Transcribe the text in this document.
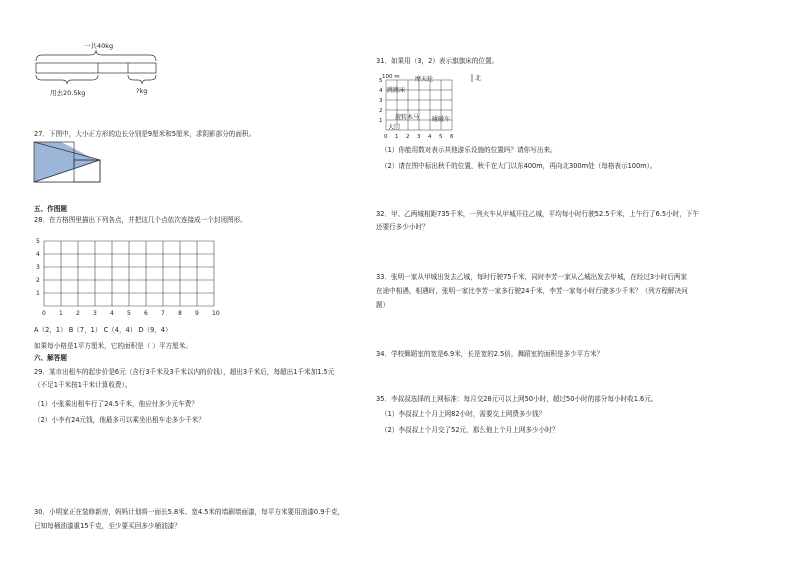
一共40kg
用去20.5kg	?kg
27．下图中，大小正方形的边长分别是9厘米和5厘米，求阴影部分的面积。
五、作图题
28．在方格图里描出下列各点，并把这几个点依次连接成一个封闭图形。
0 1 2 3 4 5 6 7 8 9 10
1
2
3
4
5
A（2，1） B（7，1） C（4，4） D（9，4）
如果每小格是1平方厘米，它的面积是（ ）平方厘米。
六、解答题
29．某市出租车的起步价是6元（含行3千米及3千米以内的价钱），超出3千米后，每超出1千米加1.5元
（不足1千米按1千米计算收费）。
（1）小张乘出租车行了24.5千米，他应付多少元车费？
（2）小李有24元钱，他最多可以乘坐出租车走多少千米？
30．小明家正在装修新房，妈妈计划将一面长5.8米、宽4.5米的墙刷墙面漆，每平方米要用油漆0.9千克，
已知每桶油漆重15千克，至少要买回多少桶油漆？
31．如果用（3，2）表示旗旗床的位置。
0 1 2 3 4 5 6
1
2
3
4
5
100 m	北
摩天轮
跳跳床
旋转木马 碰碰车
大门
（1）你能用数对表示其他游乐设施的位置吗？请你写出来。
（2）请在图中标出秋千的位置，秋千在大门以东400m，再向北300m处（每格表示100m）。
32．甲、乙两城相距735千米，一列火车从甲城开往乙城，平均每小时行驶52.5千米，上午行了6.5小时，下午
还要行多少小时？
33．张明一家从甲城出发去乙城，每时行驶75千米，同时李芳一家从乙城出发去甲城，在经过3小时后两家
在途中相遇，相遇时，张明一家比李芳一家多行驶24千米，李芳一家每小时行驶多少千米？（列方程解决问
题）
34．学校舞蹈室的宽是6.9米，长是宽的2.5倍，舞蹈室的面积是多少平方米？
35．李叔叔选择的上网标准：每月交28元可以上网50小时，超过50小时的部分每小时收1.6元。
（1）李叔叔上个月上网82小时，需要交上网费多少钱？
（2）李叔叔上个月交了52元，那么他上个月上网多少小时？
